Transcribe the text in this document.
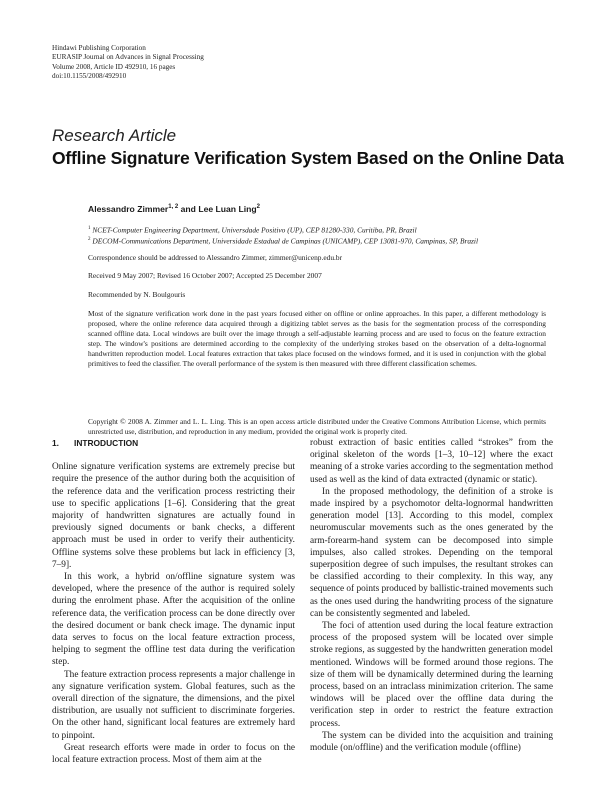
Hindawi Publishing Corporation
EURASIP Journal on Advances in Signal Processing
Volume 2008, Article ID 492910, 16 pages
doi:10.1155/2008/492910
Research Article
Offline Signature Verification System Based on the Online Data
Alessandro Zimmer$^{1, 2}$ and Lee Luan Ling$^2$
$^1$ NCET-Computer Engineering Department, Universdade Positivo (UP), CEP 81280-330, Curitiba, PR, Brazil
$^2$ DECOM-Communications Department, Universidade Estadual de Campinas (UNICAMP), CEP 13081-970, Campinas, SP, Brazil
Correspondence should be addressed to Alessandro Zimmer, zimmer@unicenp.edu.br
Received 9 May 2007; Revised 16 October 2007; Accepted 25 December 2007
Recommended by N. Boulgouris
Most of the signature verification work done in the past years focused either on offline or online approaches. In this paper, a different methodology is proposed, where the online reference data acquired through a digitizing tablet serves as the basis for the segmentation process of the corresponding scanned offline data. Local windows are built over the image through a self-adjustable learning process and are used to focus on the feature extraction step. The window's positions are determined according to the complexity of the underlying strokes based on the observation of a delta-lognormal handwritten reproduction model. Local features extraction that takes place focused on the windows formed, and it is used in conjunction with the global primitives to feed the classifier. The overall performance of the system is then measured with three different classification schemes.
Copyright © 2008 A. Zimmer and L. L. Ling. This is an open access article distributed under the Creative Commons Attribution License, which permits unrestricted use, distribution, and reproduction in any medium, provided the original work is properly cited.
1. INTRODUCTION

Online signature verification systems are extremely precise but require the presence of the author during both the acquisition of the reference data and the verification process restricting their use to specific applications [1–6]. Considering that the great majority of handwritten signatures are actually found in previously signed documents or bank checks, a different approach must be used in order to verify their authenticity. Offline systems solve these problems but lack in efficiency [3, 7–9].

In this work, a hybrid on/offline signature system was developed, where the presence of the author is required solely during the enrolment phase. After the acquisition of the online reference data, the verification process can be done directly over the desired document or bank check image. The dynamic input data serves to focus on the local feature extraction process, helping to segment the offline test data during the verification step.

The feature extraction process represents a major challenge in any signature verification system. Global features, such as the overall direction of the signature, the dimensions, and the pixel distribution, are usually not sufficient to discriminate forgeries. On the other hand, significant local features are extremely hard to pinpoint.

Great research efforts were made in order to focus on the local feature extraction process. Most of them aim at the

robust extraction of basic entities called “strokes” from the original skeleton of the words [1–3, 10–12] where the exact meaning of a stroke varies according to the segmentation method used as well as the kind of data extracted (dynamic or static).

In the proposed methodology, the definition of a stroke is made inspired by a psychomotor delta-lognormal handwritten generation model [13]. According to this model, complex neuromuscular movements such as the ones generated by the arm-forearm-hand system can be decomposed into simple impulses, also called strokes. Depending on the temporal superposition degree of such impulses, the resultant strokes can be classified according to their complexity. In this way, any sequence of points produced by ballistic-trained movements such as the ones used during the handwriting process of the signature can be consistently segmented and labeled.

The foci of attention used during the local feature extraction process of the proposed system will be located over simple stroke regions, as suggested by the handwritten generation model mentioned. Windows will be formed around those regions. The size of them will be dynamically determined during the learning process, based on an intraclass minimization criterion. The same windows will be placed over the offline data during the verification step in order to restrict the feature extraction process.

The system can be divided into the acquisition and training module (on/offline) and the verification module (offline)
